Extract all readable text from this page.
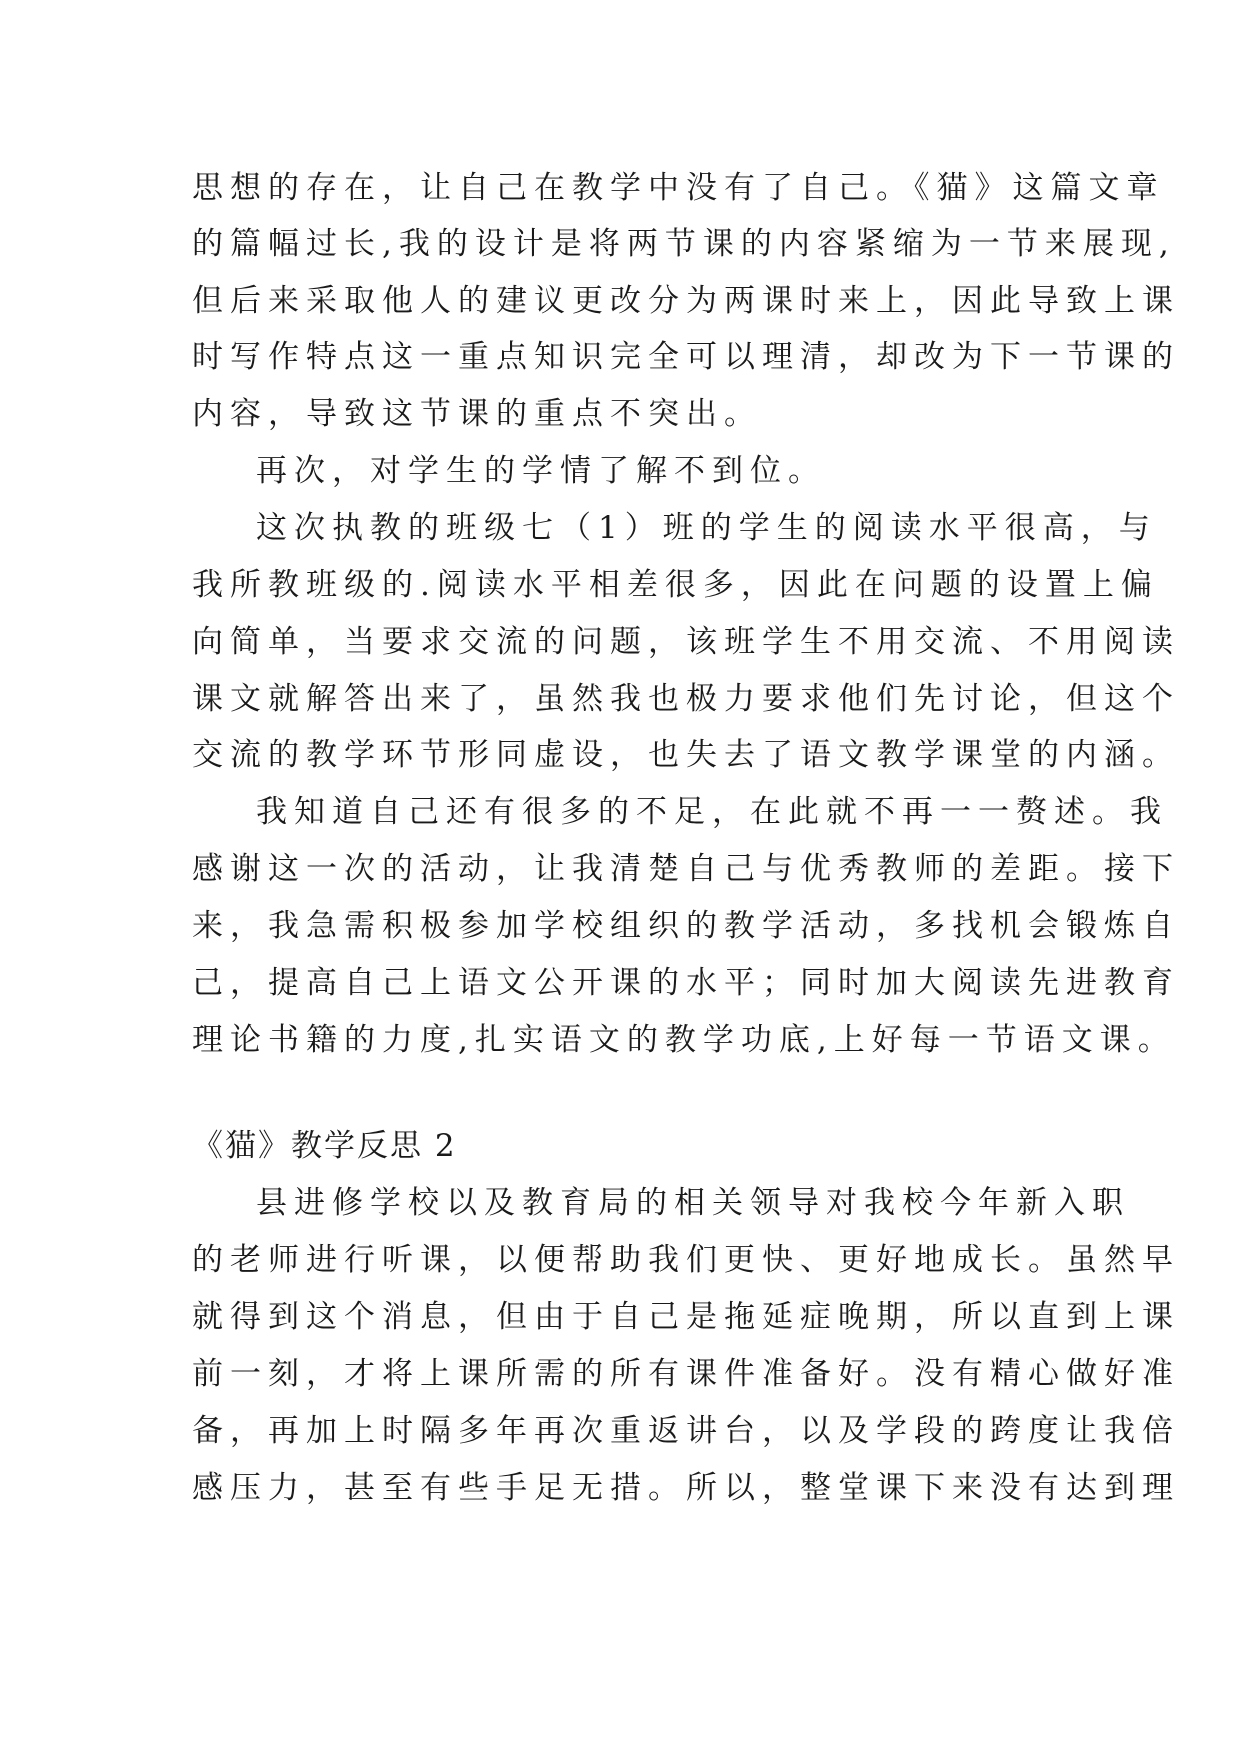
思想的存在，让自己在教学中没有了自己。《猫》这篇文章
的篇幅过长,我的设计是将两节课的内容紧缩为一节来展现,
但后来采取他人的建议更改分为两课时来上，因此导致上课
时写作特点这一重点知识完全可以理清，却改为下一节课的
内容，导致这节课的重点不突出。
再次，对学生的学情了解不到位。
这次执教的班级七（1）班的学生的阅读水平很高，与
我所教班级的.阅读水平相差很多，因此在问题的设置上偏
向简单，当要求交流的问题，该班学生不用交流、不用阅读
课文就解答出来了，虽然我也极力要求他们先讨论，但这个
交流的教学环节形同虚设，也失去了语文教学课堂的内涵。
我知道自己还有很多的不足，在此就不再一一赘述。我
感谢这一次的活动，让我清楚自己与优秀教师的差距。接下
来，我急需积极参加学校组织的教学活动，多找机会锻炼自
己，提高自己上语文公开课的水平；同时加大阅读先进教育
理论书籍的力度,扎实语文的教学功底,上好每一节语文课。
《猫》教学反思 2
县进修学校以及教育局的相关领导对我校今年新入职
的老师进行听课，以便帮助我们更快、更好地成长。虽然早
就得到这个消息，但由于自己是拖延症晚期，所以直到上课
前一刻，才将上课所需的所有课件准备好。没有精心做好准
备，再加上时隔多年再次重返讲台，以及学段的跨度让我倍
感压力，甚至有些手足无措。所以，整堂课下来没有达到理
